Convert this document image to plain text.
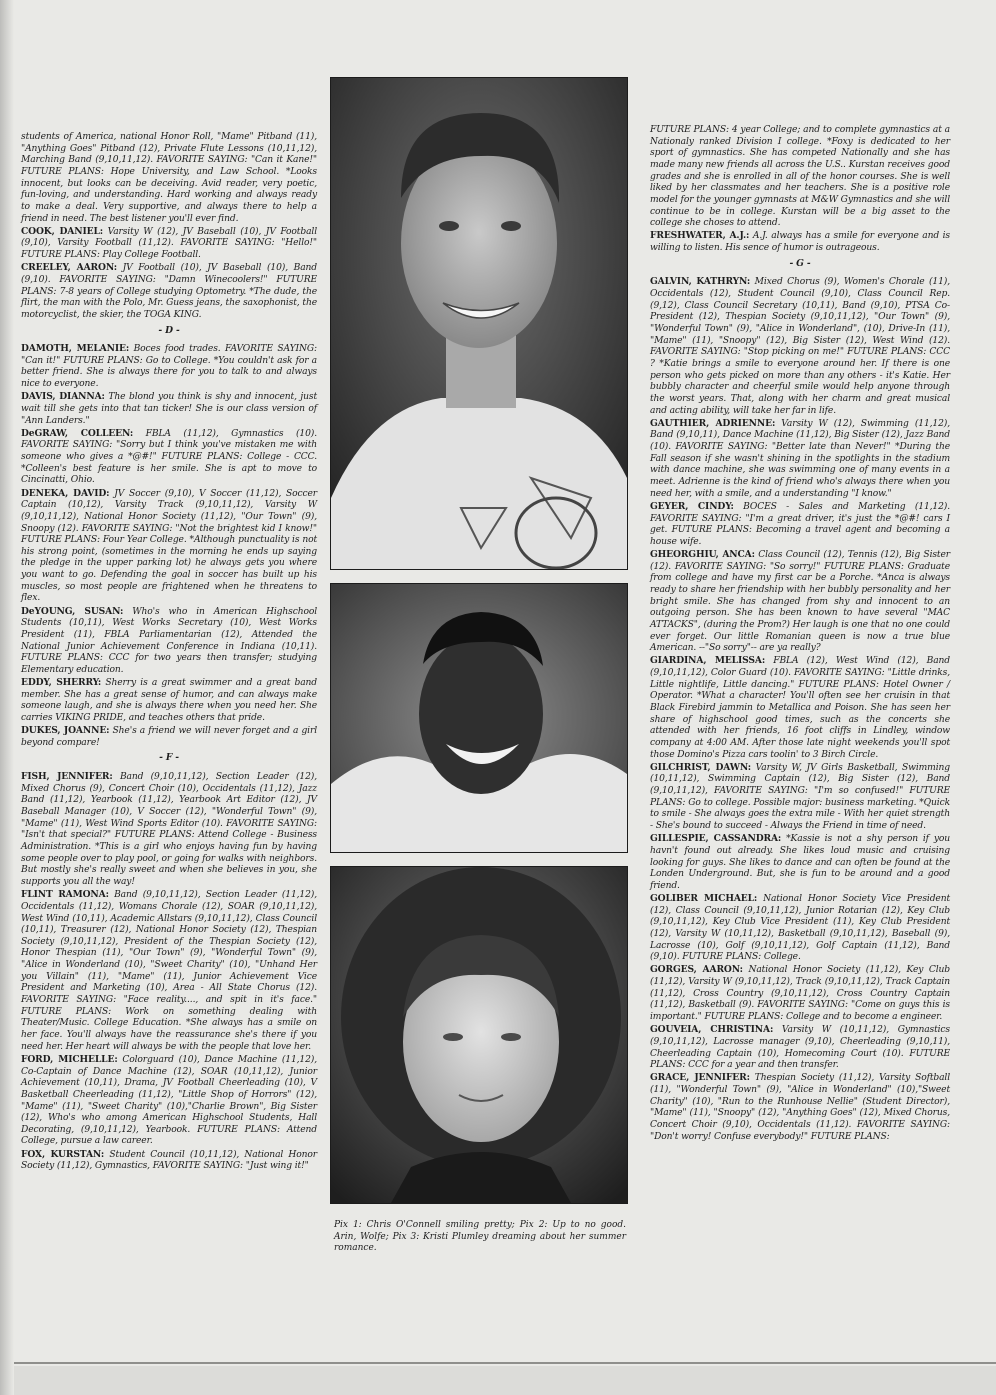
students of America, national Honor Roll, "Mame" Pitband (11), "Anything Goes" Pitband (12), Private Flute Lessons (10,11,12), Marching Band (9,10,11,12). FAVORITE SAYING: "Can it Kane!" FUTURE PLANS: Hope University, and Law School. *Looks innocent, but looks can be deceiving. Avid reader, very poetic, fun-loving, and understanding. Hard working and always ready to make a deal. Very supportive, and always there to help a friend in need. The best listener you'll ever find.

COOK, DANIEL: Varsity W (12), JV Baseball (10), JV Football (9,10), Varsity Football (11,12). FAVORITE SAYING: "Hello!" FUTURE PLANS: Play College Football.

CREELEY, AARON: JV Football (10), JV Baseball (10), Band (9,10). FAVORITE SAYING: "Damn Winecoolers!" FUTURE PLANS: 7-8 years of College studying Optometry. *The dude, the flirt, the man with the Polo, Mr. Guess jeans, the saxophonist, the motorcyclist, the skier, the TOGA KING.

- D -

DAMOTH, MELANIE: Boces food trades. FAVORITE SAYING: "Can it!" FUTURE PLANS: Go to College. *You couldn't ask for a better friend. She is always there for you to talk to and always nice to everyone.

DAVIS, DIANNA: The blond you think is shy and innocent, just wait till she gets into that tan ticker! She is our class version of "Ann Landers."

DeGRAW, COLLEEN: FBLA (11,12), Gymnastics (10). FAVORITE SAYING: "Sorry but I think you've mistaken me with someone who gives a *@#!" FUTURE PLANS: College - CCC. *Colleen's best feature is her smile. She is apt to move to Cincinatti, Ohio.

DENEKA, DAVID: JV Soccer (9,10), V Soccer (11,12), Soccer Captain (10,12), Varsity Track (9,10,11,12), Varsity W (9,10,11,12), National Honor Society (11,12), "Our Town" (9), Snoopy (12). FAVORITE SAYING: "Not the brightest kid I know!" FUTURE PLANS: Four Year College. *Although punctuality is not his strong point, (sometimes in the morning he ends up saying the pledge in the upper parking lot) he always gets you where you want to go. Defending the goal in soccer has built up his muscles, so most people are frightened when he threatens to flex.

DeYOUNG, SUSAN: Who's who in American Highschool Students (10,11), West Works Secretary (10), West Works President (11), FBLA Parliamentarian (12), Attended the National Junior Achievement Conference in Indiana (10,11). FUTURE PLANS: CCC for two years then transfer; studying Elementary education.

EDDY, SHERRY: Sherry is a great swimmer and a great band member. She has a great sense of humor, and can always make someone laugh, and she is always there when you need her. She carries VIKING PRIDE, and teaches others that pride.

DUKES, JOANNE: She's a friend we will never forget and a girl beyond compare!

- F -

FISH, JENNIFER: Band (9,10,11,12), Section Leader (12), Mixed Chorus (9), Concert Choir (10), Occidentals (11,12), Jazz Band (11,12), Yearbook (11,12), Yearbook Art Editor (12), JV Baseball Manager (10), V Soccer (12), "Wonderful Town" (9), "Mame" (11), West Wind Sports Editor (10). FAVORITE SAYING: "Isn't that special?" FUTURE PLANS: Attend College - Business Administration. *This is a girl who enjoys having fun by having some people over to play pool, or going for walks with neighbors. But mostly she's really sweet and when she believes in you, she supports you all the way!

FLINT RAMONA: Band (9,10,11,12), Section Leader (11,12), Occidentals (11,12), Womans Chorale (12), SOAR (9,10,11,12), West Wind (10,11), Academic Allstars (9,10,11,12), Class Council (10,11), Treasurer (12), National Honor Society (12), Thespian Society (9,10,11,12), President of the Thespian Society (12), Honor Thespian (11), "Our Town" (9), "Wonderful Town" (9), "Alice in Wonderland (10), "Sweet Charity" (10), "Unhand Her you Villain" (11), "Mame" (11), Junior Achievement Vice President and Marketing (10), Area - All State Chorus (12). FAVORITE SAYING: "Face reality...., and spit in it's face." FUTURE PLANS: Work on something dealing with Theater/Music. College Education. *She always has a smile on her face. You'll always have the reassurance she's there if you need her. Her heart will always be with the people that love her.

FORD, MICHELLE: Colorguard (10), Dance Machine (11,12), Co-Captain of Dance Machine (12), SOAR (10,11,12), Junior Achievement (10,11), Drama, JV Football Cheerleading (10), V Basketball Cheerleading (11,12), "Little Shop of Horrors" (12), "Mame" (11), "Sweet Charity" (10),"Charlie Brown", Big Sister (12), Who's who among American Highschool Students, Hall Decorating, (9,10,11,12), Yearbook. FUTURE PLANS: Attend College, pursue a law career.

FOX, KURSTAN: Student Council (10,11,12), National Honor Society (11,12), Gymnastics, FAVORITE SAYING: "Just wing it!"

Pix 1: Chris O'Connell smiling pretty; Pix 2: Up to no good. Arin, Wolfe; Pix 3: Kristi Plumley dreaming about her summer romance.

FUTURE PLANS: 4 year College; and to complete gymnastics at a Nationaly ranked Division I college. *Foxy is dedicated to her sport of gymnastics. She has competed Nationally and she has made many new friends all across the U.S.. Kurstan receives good grades and she is enrolled in all of the honor courses. She is well liked by her classmates and her teachers. She is a positive role model for the younger gymnasts at M&W Gymnastics and she will continue to be in college. Kurstan will be a big asset to the college she choses to attend.

FRESHWATER, A.J.: A.J. always has a smile for everyone and is willing to listen. His sence of humor is outrageous.

- G -

GALVIN, KATHRYN: Mixed Chorus (9), Women's Chorale (11), Occidentals (12), Student Council (9,10), Class Council Rep. (9,12), Class Council Secretary (10,11), Band (9,10), PTSA Co-President (12), Thespian Society (9,10,11,12), "Our Town" (9), "Wonderful Town" (9), "Alice in Wonderland", (10), Drive-In (11), "Mame" (11), "Snoopy" (12), Big Sister (12), West Wind (12). FAVORITE SAYING: "Stop picking on me!" FUTURE PLANS: CCC ? *Katie brings a smile to everyone around her. If there is one person who gets picked on more than any others - it's Katie. Her bubbly character and cheerful smile would help anyone through the worst years. That, along with her charm and great musical and acting ability, will take her far in life.

GAUTHIER, ADRIENNE: Varsity W (12), Swimming (11,12), Band (9,10,11), Dance Machine (11,12), Big Sister (12), Jazz Band (10). FAVORITE SAYING: "Better late than Never!" *During the Fall season if she wasn't shining in the spotlights in the stadium with dance machine, she was swimming one of many events in a meet. Adrienne is the kind of friend who's always there when you need her, with a smile, and a understanding "I know."

GEYER, CINDY: BOCES - Sales and Marketing (11,12). FAVORITE SAYING: "I'm a great driver, it's just the *@#! cars I get. FUTURE PLANS: Becoming a travel agent and becoming a house wife.

GHEORGHIU, ANCA: Class Council (12), Tennis (12), Big Sister (12). FAVORITE SAYING: "So sorry!" FUTURE PLANS: Graduate from college and have my first car be a Porche. *Anca is always ready to share her friendship with her bubbly personality and her bright smile. She has changed from shy and innocent to an outgoing person. She has been known to have several "MAC ATTACKS", (during the Prom?) Her laugh is one that no one could ever forget. Our little Romanian queen is now a true blue American. --"So sorry"-- are ya really?

GIARDINA, MELISSA: FBLA (12), West Wind (12), Band (9,10,11,12), Color Guard (10). FAVORITE SAYING: "Little drinks, Little nightlife, Little dancing." FUTURE PLANS: Hotel Owner / Operator. *What a character! You'll often see her cruisin in that Black Firebird jammin to Metallica and Poison. She has seen her share of highschool good times, such as the concerts she attended with her friends, 16 foot cliffs in Lindley, window company at 4:00 AM. After those late night weekends you'll spot those Domino's Pizza cars toolin' to 3 Birch Circle.

GILCHRIST, DAWN: Varsity W, JV Girls Basketball, Swimming (10,11,12), Swimming Captain (12), Big Sister (12), Band (9,10,11,12), FAVORITE SAYING: "I'm so confused!" FUTURE PLANS: Go to college. Possible major: business marketing. *Quick to smile - She always goes the extra mile - With her quiet strength - She's bound to succeed - Always the Friend in time of need.

GILLESPIE, CASSANDRA: *Kassie is not a shy person if you havn't found out already. She likes loud music and cruising looking for guys. She likes to dance and can often be found at the Londen Underground. But, she is fun to be around and a good friend.

GOLIBER MICHAEL: National Honor Society Vice President (12), Class Council (9,10,11,12), Junior Rotarian (12), Key Club (9,10,11,12), Key Club Vice President (11), Key Club President (12), Varsity W (10,11,12), Basketball (9,10,11,12), Baseball (9), Lacrosse (10), Golf (9,10,11,12), Golf Captain (11,12), Band (9,10). FUTURE PLANS: College.

GORGES, AARON: National Honor Society (11,12), Key Club (11,12), Varsity W (9,10,11,12), Track (9,10,11,12), Track Captain (11,12), Cross Country (9,10,11,12), Cross Country Captain (11,12), Basketball (9). FAVORITE SAYING: "Come on guys this is important." FUTURE PLANS: College and to become a engineer.

GOUVEIA, CHRISTINA: Varsity W (10,11,12), Gymnastics (9,10,11,12), Lacrosse manager (9,10), Cheerleading (9,10,11), Cheerleading Captain (10), Homecoming Court (10). FUTURE PLANS: CCC for a year and then transfer.

GRACE, JENNIFER: Thespian Society (11,12), Varsity Softball (11), "Wonderful Town" (9), "Alice in Wonderland" (10),"Sweet Charity" (10), "Run to the Runhouse Nellie" (Student Director), "Mame" (11), "Snoopy" (12), "Anything Goes" (12), Mixed Chorus, Concert Choir (9,10), Occidentals (11,12). FAVORITE SAYING: "Don't worry! Confuse everybody!" FUTURE PLANS:
